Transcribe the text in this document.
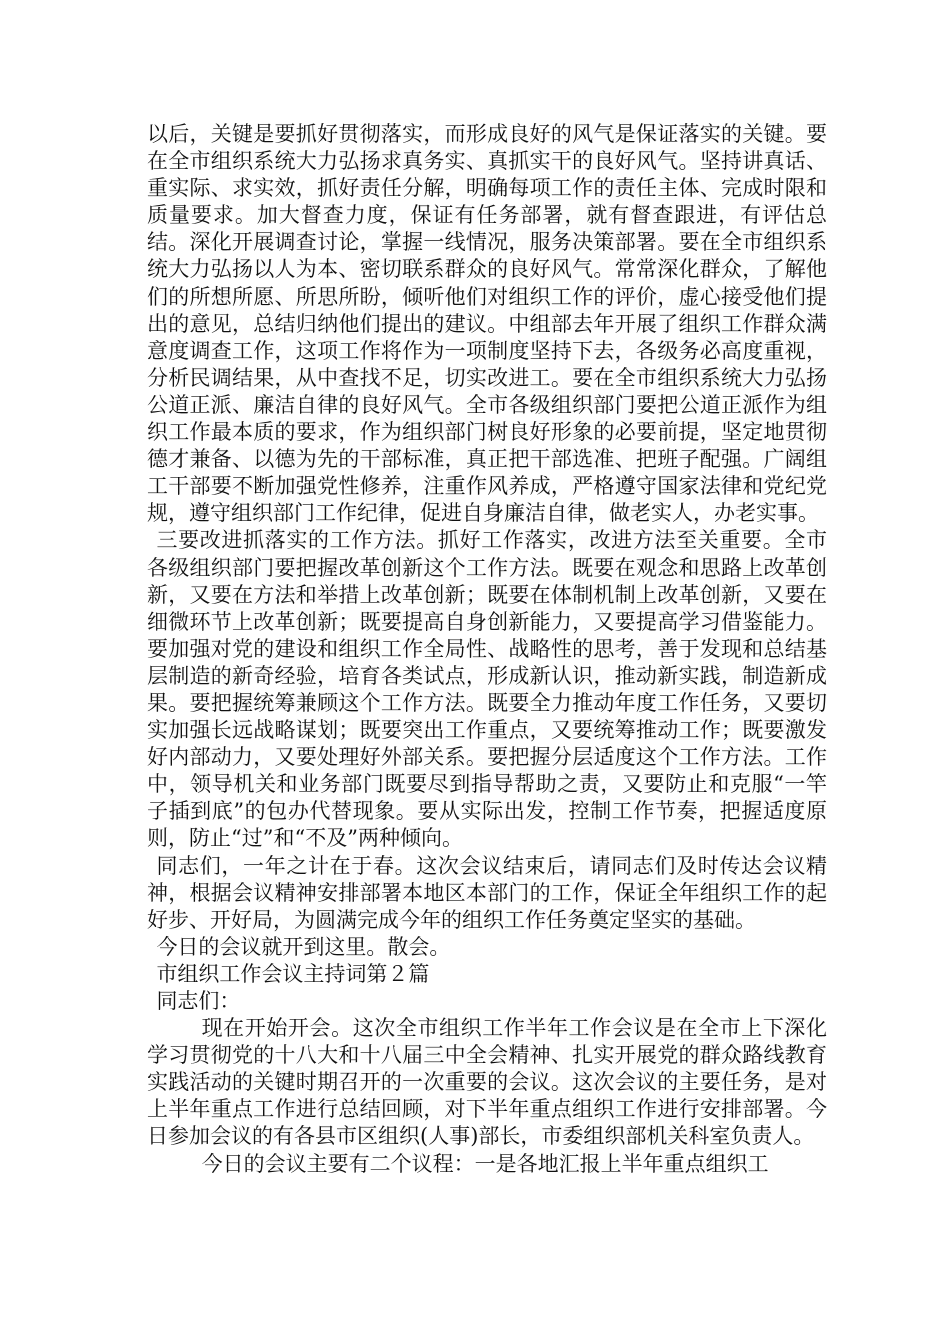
以后，关键是要抓好贯彻落实，而形成良好的风气是保证落实的关键。要在全市组织系统大力弘扬求真务实、真抓实干的良好风气。坚持讲真话、重实际、求实效，抓好责任分解，明确每项工作的责任主体、完成时限和质量要求。加大督查力度，保证有任务部署，就有督查跟进，有评估总结。深化开展调查讨论，掌握一线情况，服务决策部署。要在全市组织系统大力弘扬以人为本、密切联系群众的良好风气。常常深化群众，了解他们的所想所愿、所思所盼，倾听他们对组织工作的评价，虚心接受他们提出的意见，总结归纳他们提出的建议。中组部去年开展了组织工作群众满意度调查工作，这项工作将作为一项制度坚持下去，各级务必高度重视，分析民调结果，从中查找不足，切实改进工。要在全市组织系统大力弘扬公道正派、廉洁自律的良好风气。全市各级组织部门要把公道正派作为组织工作最本质的要求，作为组织部门树良好形象的必要前提，坚定地贯彻德才兼备、以德为先的干部标准，真正把干部选准、把班子配强。广阔组工干部要不断加强党性修养，注重作风养成，严格遵守国家法律和党纪党规，遵守组织部门工作纪律，促进自身廉洁自律，做老实人，办老实事。

三要改进抓落实的工作方法。抓好工作落实，改进方法至关重要。全市各级组织部门要把握改革创新这个工作方法。既要在观念和思路上改革创新，又要在方法和举措上改革创新；既要在体制机制上改革创新，又要在细微环节上改革创新；既要提高自身创新能力，又要提高学习借鉴能力。要加强对党的建设和组织工作全局性、战略性的思考，善于发现和总结基层制造的新奇经验，培育各类试点，形成新认识，推动新实践，制造新成果。要把握统筹兼顾这个工作方法。既要全力推动年度工作任务，又要切实加强长远战略谋划；既要突出工作重点，又要统筹推动工作；既要激发好内部动力，又要处理好外部关系。要把握分层适度这个工作方法。工作中，领导机关和业务部门既要尽到指导帮助之责，又要防止和克服“一竿子插到底”的包办代替现象。要从实际出发，控制工作节奏，把握适度原则，防止“过”和“不及”两种倾向。

同志们，一年之计在于春。这次会议结束后，请同志们及时传达会议精神，根据会议精神安排部署本地区本部门的工作，保证全年组织工作的起好步、开好局，为圆满完成今年的组织工作任务奠定坚实的基础。

今日的会议就开到这里。散会。

市组织工作会议主持词第２篇

同志们：

现在开始开会。这次全市组织工作半年工作会议是在全市上下深化学习贯彻党的十八大和十八届三中全会精神、扎实开展党的群众路线教育实践活动的关键时期召开的一次重要的会议。这次会议的主要任务，是对上半年重点工作进行总结回顾，对下半年重点组织工作进行安排部署。今日参加会议的有各县市区组织(人事)部长，市委组织部机关科室负责人。

今日的会议主要有二个议程：一是各地汇报上半年重点组织工
